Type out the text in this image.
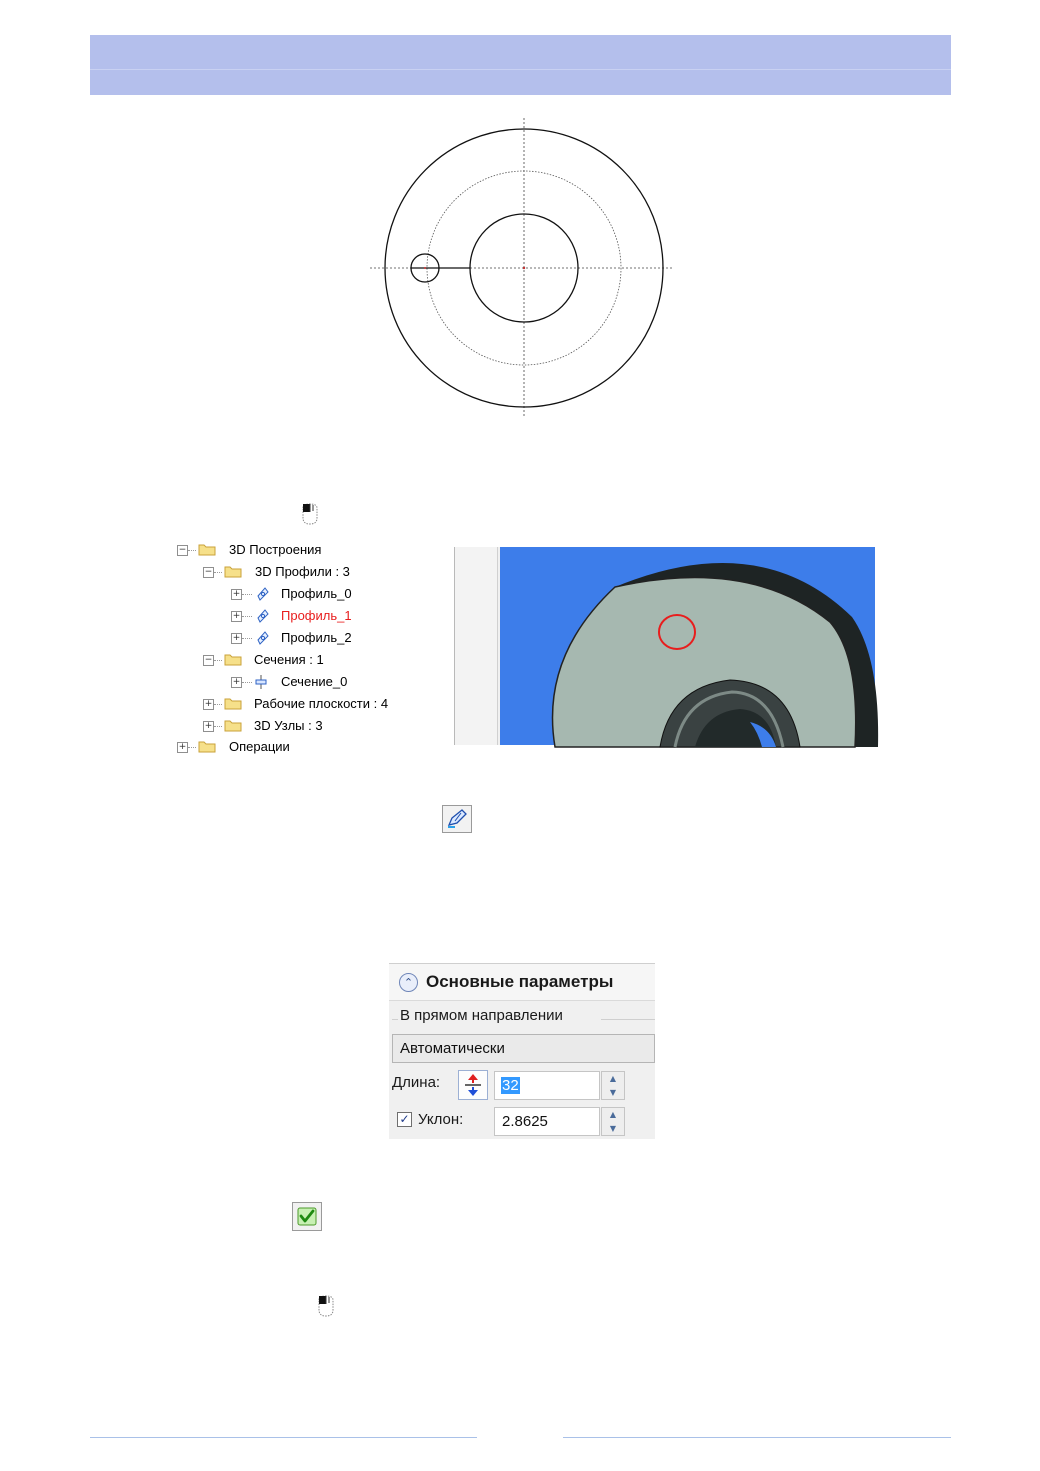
−	3D Построения
−	3D Профили : 3
+	Профиль_0
+	Профиль_1
+	Профиль_2
−	Сечения : 1
+	Сечение_0
+	Рабочие плоскости : 4
+	3D Узлы : 3
+	Операции
⌃ Основные параметры
В прямом направлении
Автоматически
Длина:	32	▲
▼
✓ Уклон:	2.8625	▲
▼
